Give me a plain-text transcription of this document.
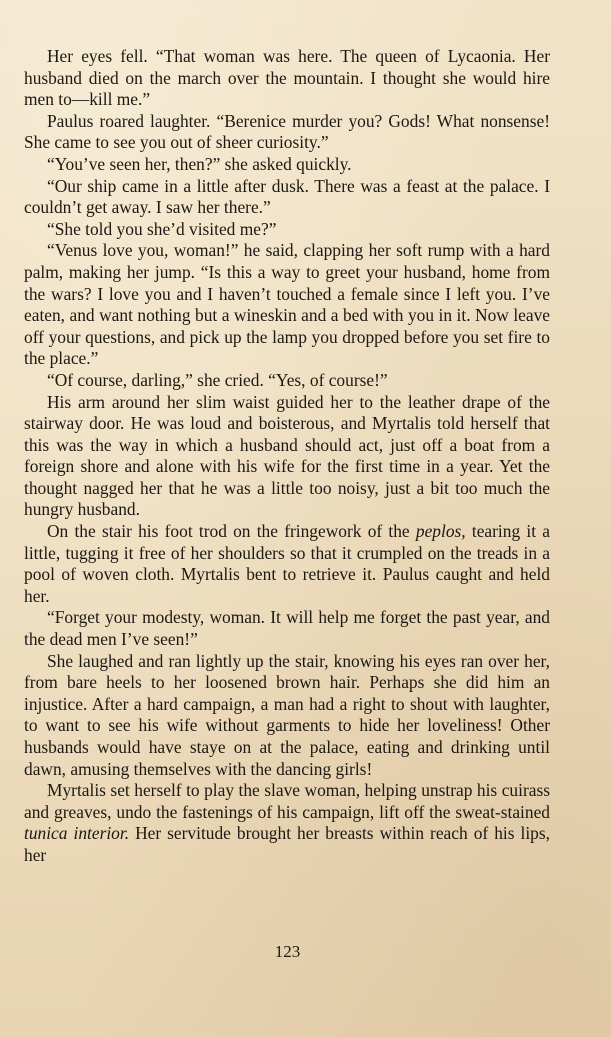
Her eyes fell. “That woman was here. The queen of Lycaonia. Her husband died on the march over the mountain. I thought she would hire men to—kill me.”

Paulus roared laughter. “Berenice murder you? Gods! What nonsense! She came to see you out of sheer curiosity.”

“You’ve seen her, then?” she asked quickly.

“Our ship came in a little after dusk. There was a feast at the palace. I couldn’t get away. I saw her there.”

“She told you she’d visited me?”

“Venus love you, woman!” he said, clapping her soft rump with a hard palm, making her jump. “Is this a way to greet your husband, home from the wars? I love you and I haven’t touched a female since I left you. I’ve eaten, and want nothing but a wineskin and a bed with you in it. Now leave off your questions, and pick up the lamp you dropped before you set fire to the place.”

“Of course, darling,” she cried. “Yes, of course!”

His arm around her slim waist guided her to the leather drape of the stairway door. He was loud and boisterous, and Myrtalis told herself that this was the way in which a husband should act, just off a boat from a foreign shore and alone with his wife for the first time in a year. Yet the thought nagged her that he was a little too noisy, just a bit too much the hungry husband.

On the stair his foot trod on the fringework of the peplos, tearing it a little, tugging it free of her shoulders so that it crumpled on the treads in a pool of woven cloth. Myrtalis bent to retrieve it. Paulus caught and held her.

“Forget your modesty, woman. It will help me forget the past year, and the dead men I’ve seen!”

She laughed and ran lightly up the stair, knowing his eyes ran over her, from bare heels to her loosened brown hair. Perhaps she did him an injustice. After a hard campaign, a man had a right to shout with laughter, to want to see his wife without garments to hide her loveliness! Other husbands would have staye on at the palace, eating and drinking until dawn, amusing themselves with the dancing girls!

Myrtalis set herself to play the slave woman, helping unstrap his cuirass and greaves, undo the fastenings of his campaign, lift off the sweat-stained tunica interior. Her servitude brought her breasts within reach of his lips, her

123
